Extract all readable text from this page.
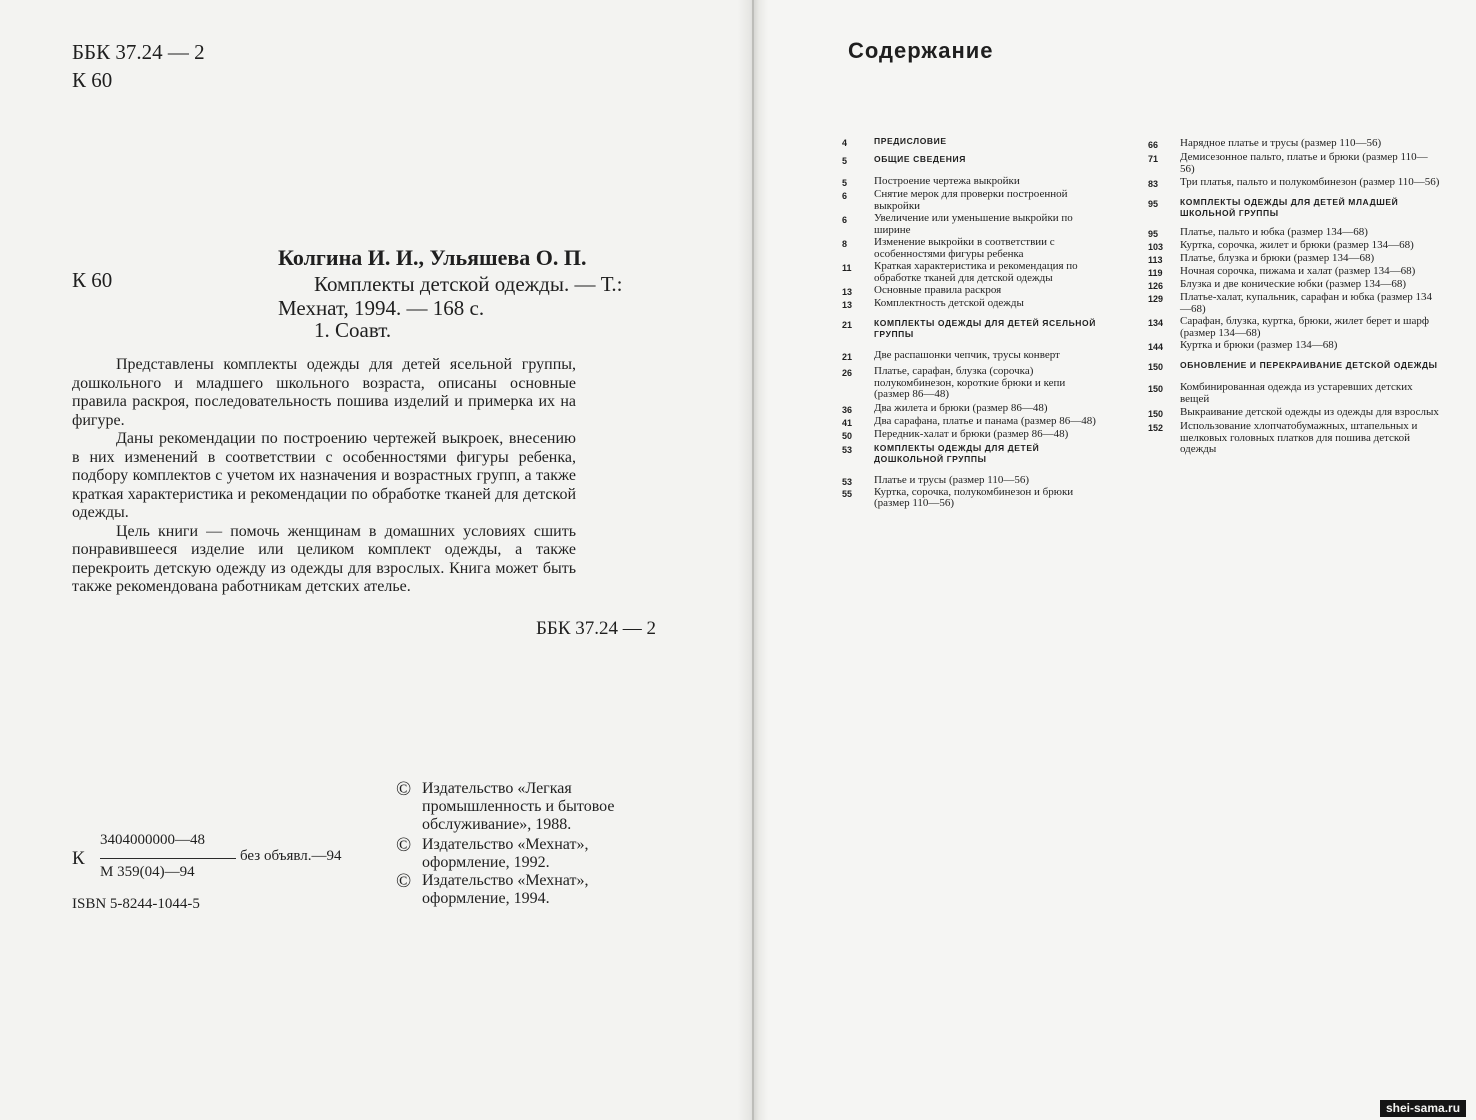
ББК 37.24 — 2
К 60
Колгина И. И., Ульяшева О. П.
К 60	Комплекты детской одежды. — Т.:
Мехнат, 1994. — 168 с.
1. Соавт.

Представлены комплекты одежды для детей ясельной группы, дошкольного и младшего школьного возраста, описаны основные правила раскроя, последовательность пошива изделий и примерка их на фигуре.

Даны рекомендации по построению чертежей выкроек, внесению в них изменений в соответствии с особенностями фигуры ребенка, подбору комплектов с учетом их назначения и возрастных групп, а также краткая характеристика и рекомендации по обработке тканей для детской одежды.

Цель книги — помочь женщинам в домашних условиях сшить понравившееся изделие или целиком комплект одежды, а также перекроить детскую одежду из одежды для взрослых. Книга может быть также рекомендована работникам детских ателье.

ББК 37.24 — 2
© Издательство «Легкая промышленность и бытовое обслуживание», 1988.
© Издательство «Мехнат», оформление, 1992.
© Издательство «Мехнат», оформление, 1994.
К
3404000000—48
без объявл.—94
М 359(04)—94
ISBN 5-8244-1044-5
Содержание
4	ПРЕДИСЛОВИЕ
5	ОБЩИЕ СВЕДЕНИЯ
5	Построение чертежа выкройки
6	Снятие мерок для проверки построенной выкройки
6	Увеличение или уменьшение выкройки по ширине
8	Изменение выкройки в соответствии с особенностями фигуры ребенка
11	Краткая характеристика и рекомендация по обработке тканей для детской одежды
13	Основные правила раскроя
13	Комплектность детской одежды
21	КОМПЛЕКТЫ ОДЕЖДЫ ДЛЯ ДЕТЕЙ ЯСЕЛЬНОЙ ГРУППЫ
21	Две распашонки чепчик, трусы конверт
26	Платье, сарафан, блузка (сорочка) полукомбинезон, короткие брюки и кепи (размер 86—48)
36	Два жилета и брюки (размер 86—48)
41	Два сарафана, платье и панама (размер 86—48)
50	Передник-халат и брюки (размер 86—48)
53	КОМПЛЕКТЫ ОДЕЖДЫ ДЛЯ ДЕТЕЙ ДОШКОЛЬНОЙ ГРУППЫ
53	Платье и трусы (размер 110—56)
55	Куртка, сорочка, полукомбинезон и брюки (размер 110—56)
66	Нарядное платье и трусы (размер 110—56)
71	Демисезонное пальто, платье и брюки (размер 110—56)
83	Три платья, пальто и полукомбинезон (размер 110—56)
95	КОМПЛЕКТЫ ОДЕЖДЫ ДЛЯ ДЕТЕЙ МЛАДШЕЙ ШКОЛЬНОЙ ГРУППЫ
95	Платье, пальто и юбка (размер 134—68)
103	Куртка, сорочка, жилет и брюки (размер 134—68)
113	Платье, блузка и брюки (размер 134—68)
119	Ночная сорочка, пижама и халат (размер 134—68)
126	Блузка и две конические юбки (размер 134—68)
129	Платье-халат, купальник, сарафан и юбка (размер 134—68)
134	Сарафан, блузка, куртка, брюки, жилет берет и шарф (размер 134—68)
144	Куртка и брюки (размер 134—68)
150	ОБНОВЛЕНИЕ И ПЕРЕКРАИВАНИЕ ДЕТСКОЙ ОДЕЖДЫ
150	Комбинированная одежда из устаревших детских вещей
150	Выкраивание детской одежды из одежды для взрослых
152	Использование хлопчатобумажных, штапельных и шелковых головных платков для пошива детской одежды
shei-sama.ru
